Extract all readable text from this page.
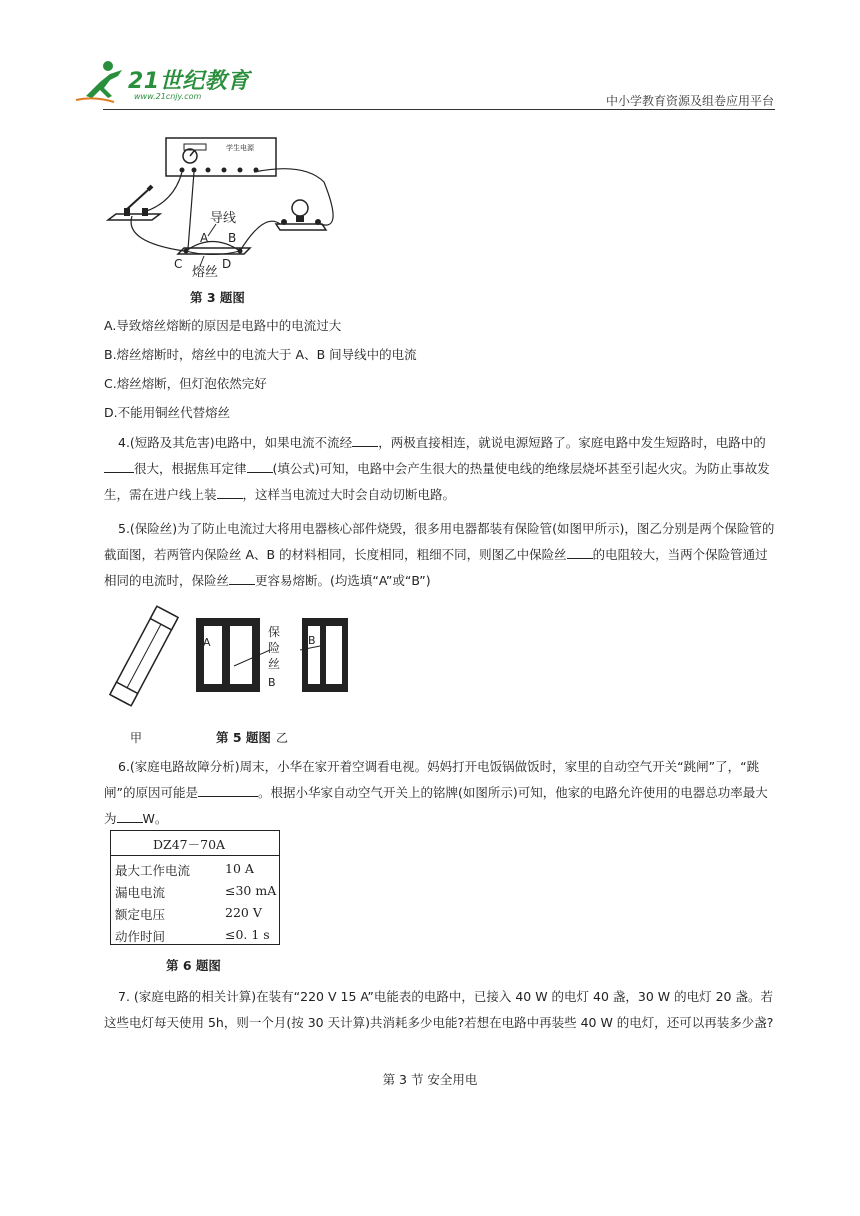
21世纪教育
www.21cnjy.com	中小学教育资源及组卷应用平台
学生电源
导线
A B
C	D
熔丝
第 3 题图
A.导致熔丝熔断的原因是电路中的电流过大
B.熔丝熔断时，熔丝中的电流大于 A、B 间导线中的电流
C.熔丝熔断，但灯泡依然完好
D.不能用铜丝代替熔丝
4.(短路及其危害)电路中，如果电流不流经 ，两极直接相连，就说电源短路了。家庭电路中发生短路时，电路中的很大，根据焦耳定律 (填公式)可知，电路中会产生很大的热量使电线的绝缘层烧坏甚至引起火灾。为防止事故发生，需在进户线上装 ，这样当电流过大时会自动切断电路。
5.(保险丝)为了防止电流过大将用电器核心部件烧毁，很多用电器都装有保险管(如图甲所示)，图乙分别是两个保险管的截面图，若两管内保险丝 A、B 的材料相同，长度相同，粗细不同，则图乙中保险丝 的电阻较大，当两个保险管通过相同的电流时，保险丝 更容易熔断。(均选填“A”或“B”)
甲
A
保
险
丝
B
B
乙
第 5 题图
6.(家庭电路故障分析)周末，小华在家开着空调看电视。妈妈打开电饭锅做饭时，家里的自动空气开关“跳闸”了，“跳闸”的原因可能是	。根据小华家自动空气开关上的铭牌(如图所示)可知，他家的电路允许使用的电器总功率最大为 W。
DZ47－70A
最大工作电流	10 A
漏电电流	≤30 mA
额定电压	220 V
动作时间	≤0. 1 s
第 6 题图
7. (家庭电路的相关计算)在装有“220 V 15 A”电能表的电路中，已接入 40 W 的电灯 40 盏，30 W 的电灯 20 盏。若这些电灯每天使用 5h，则一个月(按 30 天计算)共消耗多少电能?若想在电路中再装些 40 W 的电灯，还可以再装多少盏?
第 3 节 安全用电
